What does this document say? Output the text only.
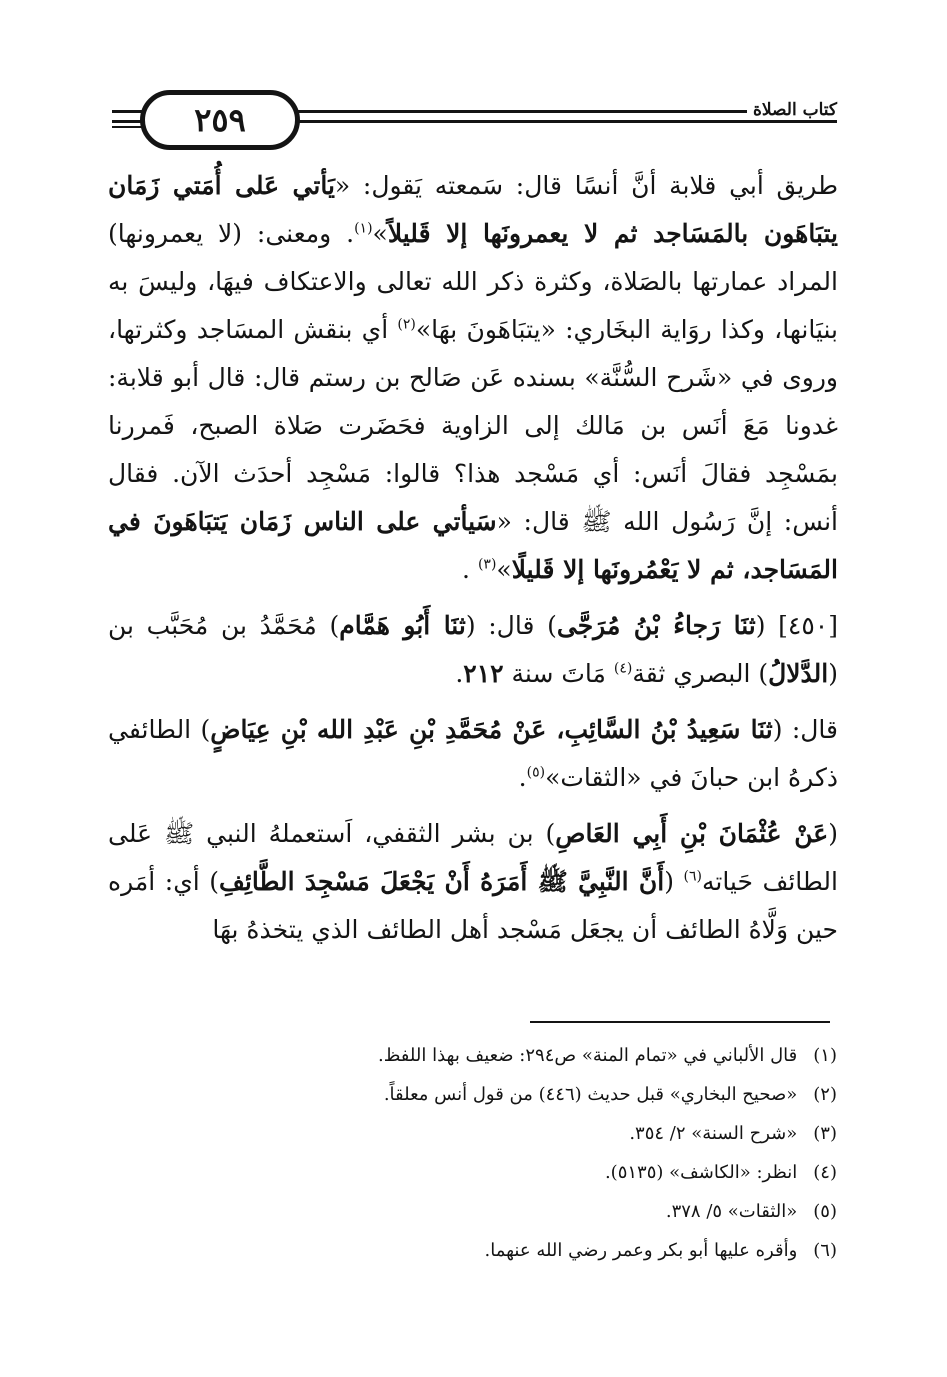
٢٥٩	كتاب الصلاة

طريق أبي قلابة أنَّ أنسًا قال: سَمعته يَقول: «يَأتي عَلى أُمَتي زَمَان يتبَاهَون بالمَسَاجد ثم لا يعمرونَها إلا قَليلاً»$^{(١)}$. ومعنى: (لا يعمرونها) المراد عمارتها بالصَلاة، وكثرة ذكر الله تعالى والاعتكاف فيهَا، وليسَ به بنيَانها، وكذا روَاية البخَاري: «يتبَاهَونَ بهَا»$^{(٢)}$ أي بنقش المسَاجد وكثرتها، وروى في «شَرح السُّنَّة» بسنده عَن صَالح بن رستم قال: قال أبو قلابة: غدونا مَعَ أنَس بن مَالك إلى الزاوية فحَضَرت صَلاة الصبح، فَمررنا بمَسْجِد فقالَ أنَس: أي مَسْجد هذا؟ قالوا: مَسْجِد أحدَث الآن. فقال أنس: إنَّ رَسُول الله ﷺ قال: «سَيأتي على الناس زَمَان يَتبَاهَونَ في المَسَاجد، ثم لا يَعْمُرونَها إلا قَليلًا»$^{(٣)}$ .

[٤٥٠] (ثنَا رَجاءُ بْنُ مُرَجَّى) قال: (ثنَا أَبُو هَمَّام) مُحَمَّدُ بن مُحَبَّب بن (الدَّلالُ) البصري ثقة$^{(٤)}$ مَاتَ سنة ٢١٢.

قال: (ثنَا سَعِيدُ بْنُ السَّائِبِ، عَنْ مُحَمَّدِ بْنِ عَبْدِ الله بْنِ عِيَاضٍ) الطائفي ذكرهُ ابن حبانَ في «الثقات»$^{(٥)}$.

(عَنْ عُثْمَانَ بْنِ أَبِي العَاصِ) بن بشر الثقفي، اَستعملهُ النبي ﷺ عَلى الطائف حَياته$^{(٦)}$ (أَنَّ النَّبِيَّ ﷺ أَمَرَهُ أَنْ يَجْعَلَ مَسْجِدَ الطَّائِفِ) أي: أمَره حين وَلَّاهُ الطائف أن يجعَل مَسْجد أهل الطائف الذي يتخذهُ بهَا

(١) قال الألباني في «تمام المنة» ص٢٩٤: ضعيف بهذا اللفظ.
(٢) «صحيح البخاري» قبل حديث (٤٤٦) من قول أنس معلقاً.
(٣) «شرح السنة» ٢/ ٣٥٤.
(٤) انظر: «الكاشف» (٥١٣٥).
(٥) «الثقات» ٥/ ٣٧٨.
(٦) وأقره عليها أبو بكر وعمر رضي الله عنهما.
